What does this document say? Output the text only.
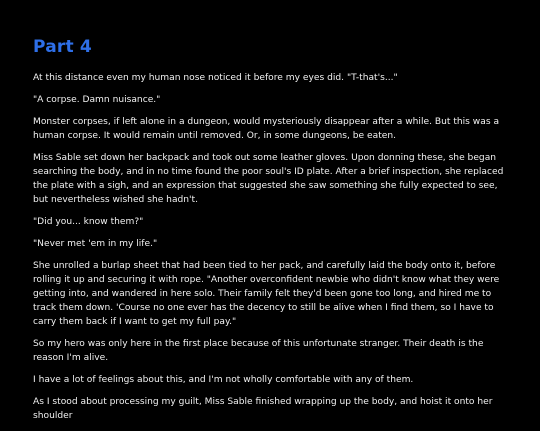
Part 4

At this distance even my human nose noticed it before my eyes did. "T-that's..."

"A corpse. Damn nuisance."

Monster corpses, if left alone in a dungeon, would mysteriously disappear after a while. But this was a human corpse. It would remain until removed. Or, in some dungeons, be eaten.

Miss Sable set down her backpack and took out some leather gloves. Upon donning these, she began searching the body, and in no time found the poor soul's ID plate. After a brief inspection, she replaced the plate with a sigh, and an expression that suggested she saw something she fully expected to see, but nevertheless wished she hadn't.

"Did you... know them?"

"Never met 'em in my life."

She unrolled a burlap sheet that had been tied to her pack, and carefully laid the body onto it, before rolling it up and securing it with rope. "Another overconfident newbie who didn't know what they were getting into, and wandered in here solo. Their family felt they'd been gone too long, and hired me to track them down. 'Course no one ever has the decency to still be alive when I find them, so I have to carry them back if I want to get my full pay."

So my hero was only here in the first place because of this unfortunate stranger. Their death is the reason I'm alive.

I have a lot of feelings about this, and I'm not wholly comfortable with any of them.

As I stood about processing my guilt, Miss Sable finished wrapping up the body, and hoist it onto her shoulder
